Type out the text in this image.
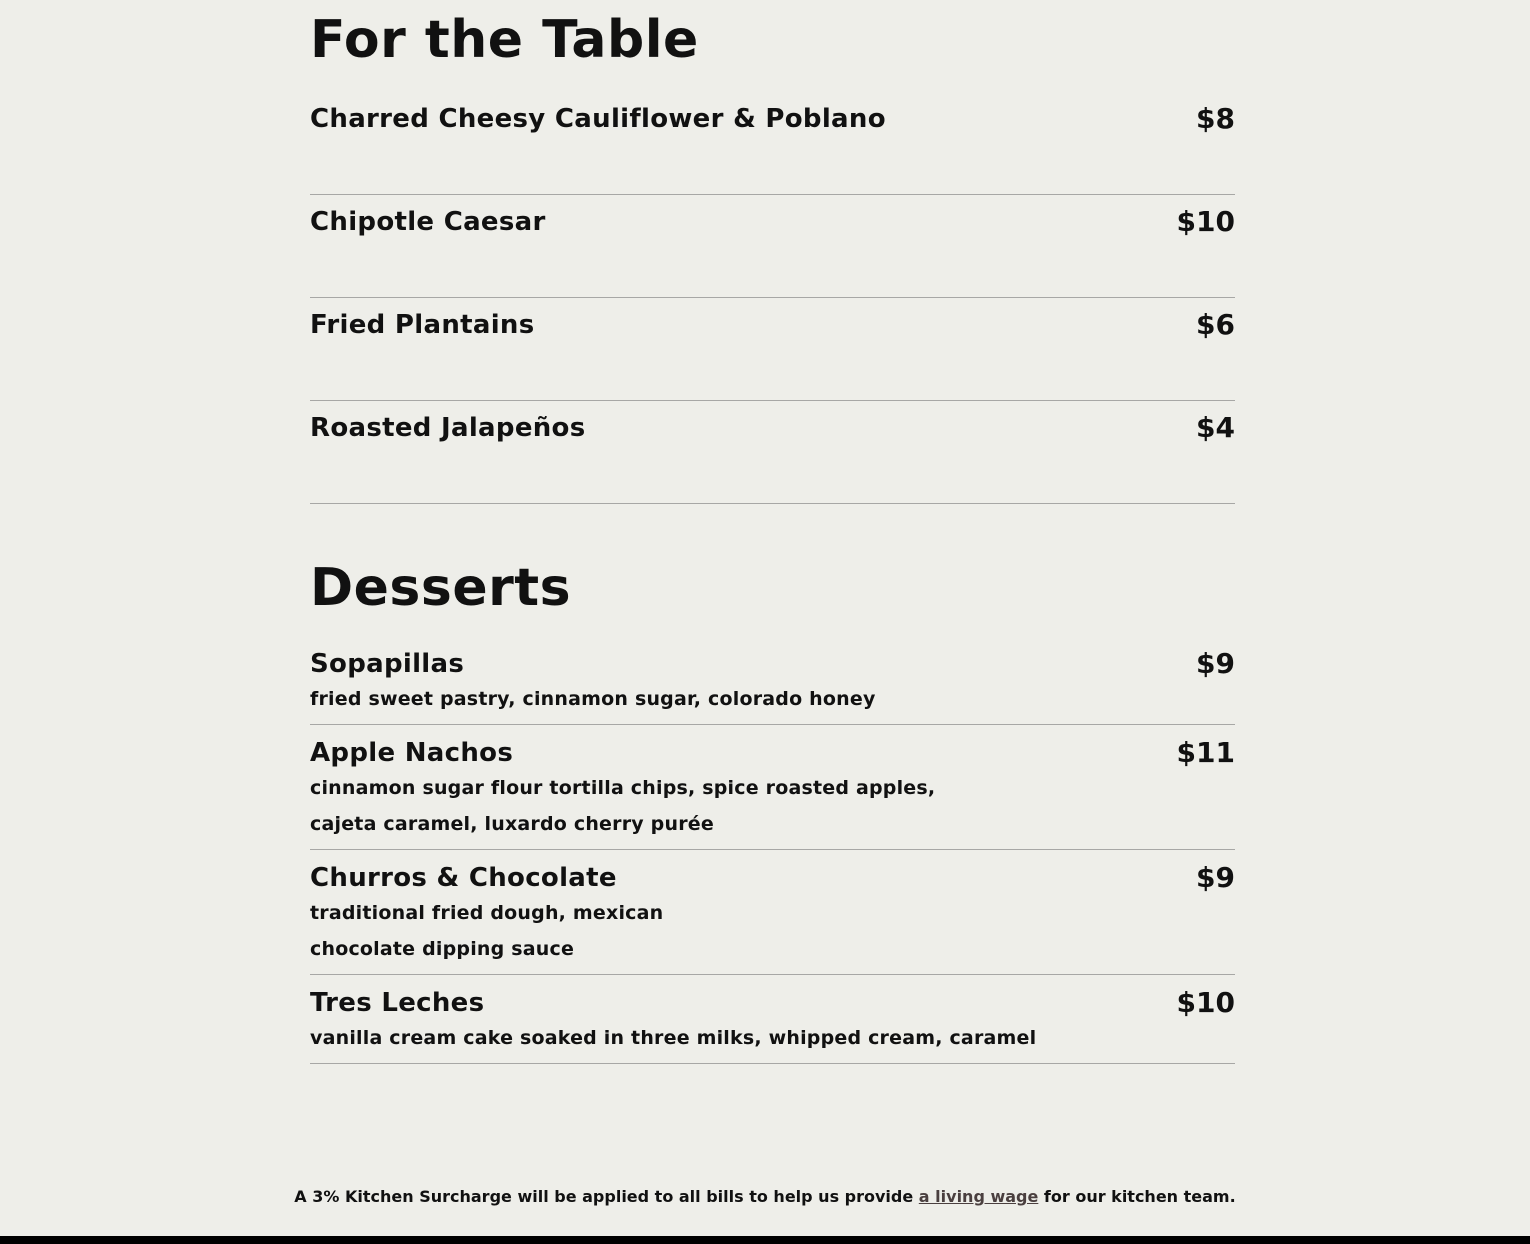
For the Table
Charred Cheesy Cauliflower & Poblano	$8
Chipotle Caesar	$10
Fried Plantains	$6
Roasted Jalapeños	$4
Desserts
Sopapillas	$9
fried sweet pastry, cinnamon sugar, colorado honey
Apple Nachos	$11
cinnamon sugar flour tortilla chips, spice roasted apples,
cajeta caramel, luxardo cherry purée
Churros & Chocolate	$9
traditional fried dough, mexican
chocolate dipping sauce
Tres Leches	$10
vanilla cream cake soaked in three milks, whipped cream, caramel
A 3% Kitchen Surcharge will be applied to all bills to help us provide a living wage for our kitchen team.
